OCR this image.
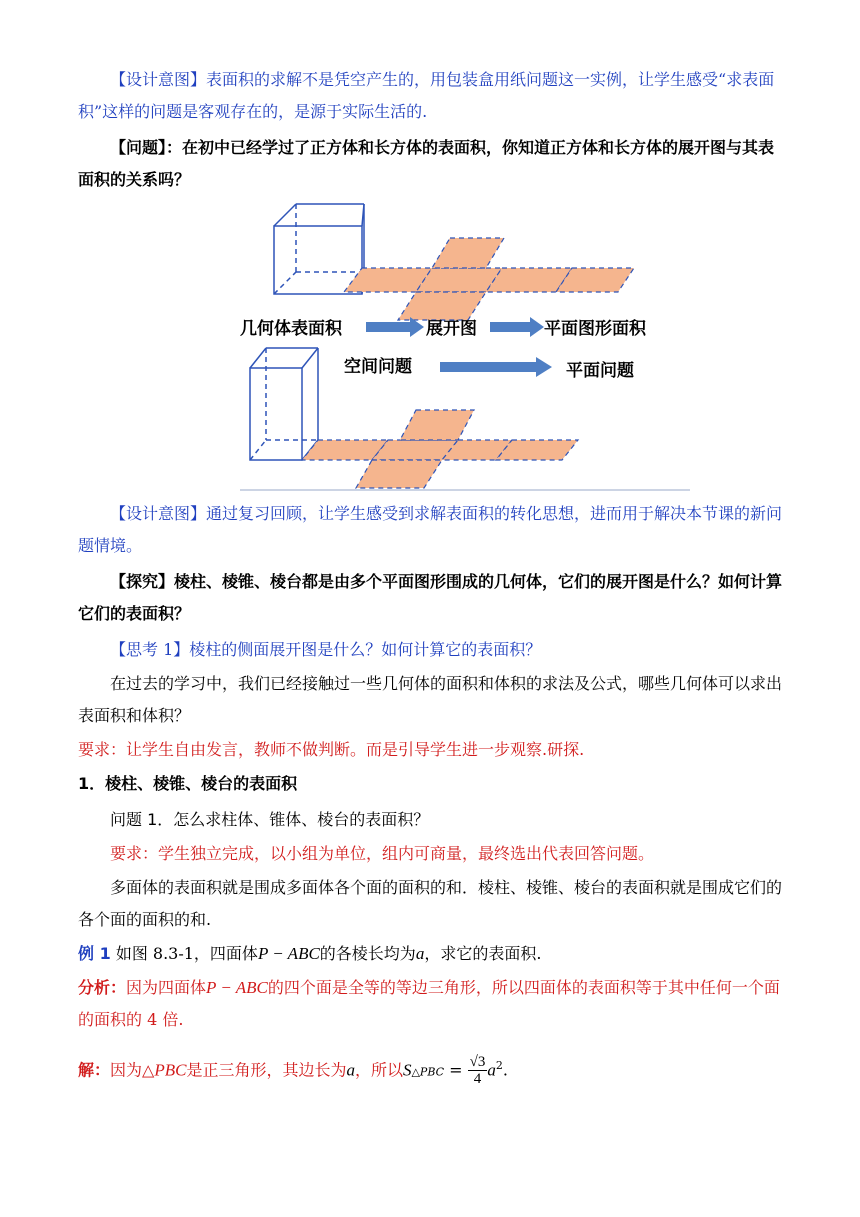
【设计意图】表面积的求解不是凭空产生的，用包装盒用纸问题这一实例，让学生感受“求表面积”这样的问题是客观存在的，是源于实际生活的.

【问题】：在初中已经学过了正方体和长方体的表面积，你知道正方体和长方体的展开图与其表面积的关系吗？

几何体表面积	展开图	平面图形面积
空间问题	平面问题

【设计意图】通过复习回顾，让学生感受到求解表面积的转化思想，进而用于解决本节课的新问题情境。

【探究】棱柱、棱锥、棱台都是由多个平面图形围成的几何体，它们的展开图是什么？如何计算它们的表面积？

【思考 1】棱柱的侧面展开图是什么？如何计算它的表面积？

在过去的学习中，我们已经接触过一些几何体的面积和体积的求法及公式，哪些几何体可以求出表面积和体积？

要求：让学生自由发言，教师不做判断。而是引导学生进一步观察.研探.

1．棱柱、棱锥、棱台的表面积

问题 1．怎么求柱体、锥体、棱台的表面积？

要求：学生独立完成，以小组为单位，组内可商量，最终选出代表回答问题。

多面体的表面积就是围成多面体各个面的面积的和．棱柱、棱锥、棱台的表面积就是围成它们的各个面的面积的和.

例 1 如图 8.3-1，四面体P − ABC的各棱长均为a，求它的表面积.

分析：因为四面体P − ABC的四个面是全等的等边三角形，所以四面体的表面积等于其中任何一个面的面积的 4 倍.

解：因为△PBC是正三角形，其边长为a，所以S△PBC = $\frac{√3}{4} a^2$.
